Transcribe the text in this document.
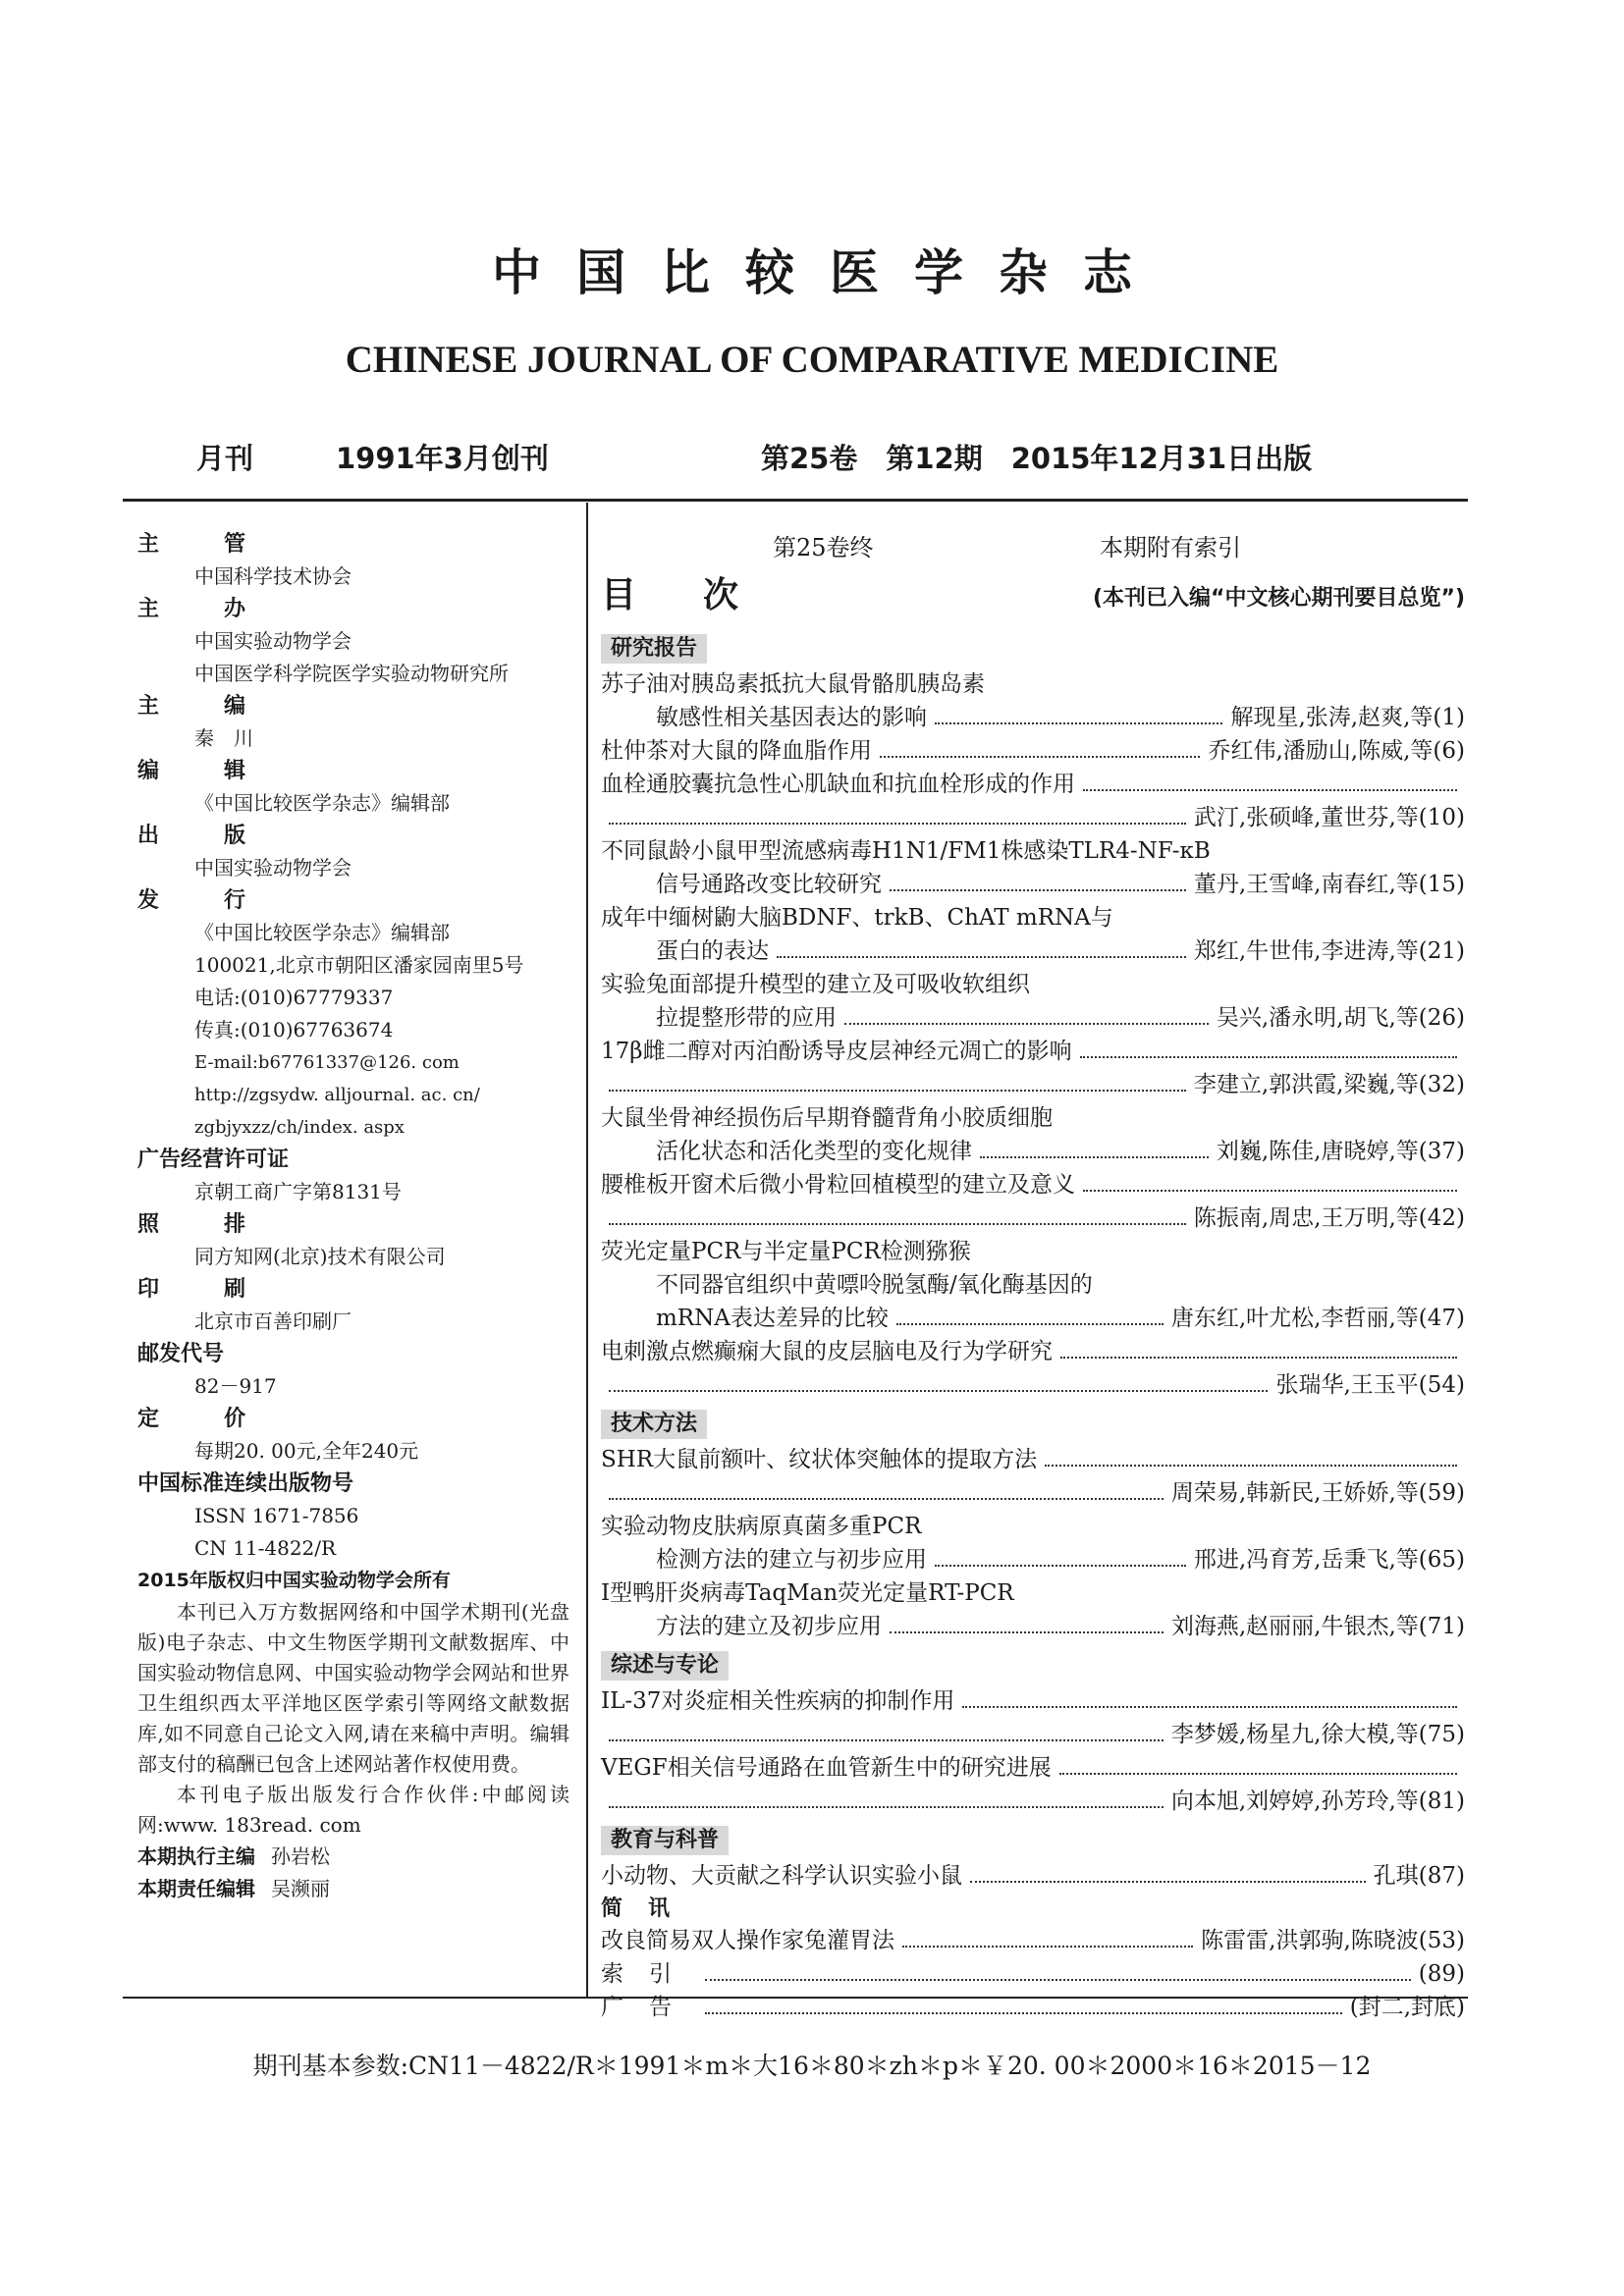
中国比较医学杂志
CHINESE JOURNAL OF COMPARATIVE MEDICINE
月刊	1991年3月创刊	第25卷　第12期　2015年12月31日出版
主　管
中国科学技术协会
主　办
中国实验动物学会
中国医学科学院医学实验动物研究所
主　编
秦　川
编　辑
《中国比较医学杂志》编辑部
出　版
中国实验动物学会
发　行
《中国比较医学杂志》编辑部
100021,北京市朝阳区潘家园南里5号
电话:(010)67779337
传真:(010)67763674
E-mail:b67761337@126. com
http://zgsydw. alljournal. ac. cn/
zgbjyxzz/ch/index. aspx
广告经营许可证
京朝工商广字第8131号
照　排
同方知网(北京)技术有限公司
印　刷
北京市百善印刷厂
邮发代号
82－917
定　价
每期20. 00元,全年240元
中国标准连续出版物号
ISSN 1671-7856
CN 11-4822/R
2015年版权归中国实验动物学会所有
本刊已入万方数据网络和中国学术期刊(光盘版)电子杂志、中文生物医学期刊文献数据库、中国实验动物信息网、中国实验动物学会网站和世界卫生组织西太平洋地区医学索引等网络文献数据库,如不同意自己论文入网,请在来稿中声明。编辑部支付的稿酬已包含上述网站著作权使用费。
本刊电子版出版发行合作伙伴:中邮阅读网:www. 183read. com
本期执行主编 孙岩松
本期责任编辑 吴濒丽
第25卷终	本期附有索引
目次	(本刊已入编“中文核心期刊要目总览”)
研究报告
苏子油对胰岛素抵抗大鼠骨骼肌胰岛素
敏感性相关基因表达的影响	解现星,张涛,赵爽,等(1)
杜仲茶对大鼠的降血脂作用	乔红伟,潘励山,陈威,等(6)
血栓通胶囊抗急性心肌缺血和抗血栓形成的作用
武汀,张硕峰,董世芬,等(10)
不同鼠龄小鼠甲型流感病毒H1N1/FM1株感染TLR4-NF-κB
信号通路改变比较研究	董丹,王雪峰,南春红,等(15)
成年中缅树鼩大脑BDNF、trkB、ChAT mRNA与
蛋白的表达	郑红,牛世伟,李进涛,等(21)
实验兔面部提升模型的建立及可吸收软组织
拉提整形带的应用	吴兴,潘永明,胡飞,等(26)
17β雌二醇对丙泊酚诱导皮层神经元凋亡的影响
李建立,郭洪霞,梁巍,等(32)
大鼠坐骨神经损伤后早期脊髓背角小胶质细胞
活化状态和活化类型的变化规律	刘巍,陈佳,唐晓婷,等(37)
腰椎板开窗术后微小骨粒回植模型的建立及意义
陈振南,周忠,王万明,等(42)
荧光定量PCR与半定量PCR检测猕猴
不同器官组织中黄嘌呤脱氢酶/氧化酶基因的
mRNA表达差异的比较	唐东红,叶尤松,李哲丽,等(47)
电刺激点燃癫痫大鼠的皮层脑电及行为学研究
张瑞华,王玉平(54)
技术方法
SHR大鼠前额叶、纹状体突触体的提取方法
周荣易,韩新民,王娇娇,等(59)
实验动物皮肤病原真菌多重PCR
检测方法的建立与初步应用	邢进,冯育芳,岳秉飞,等(65)
I型鸭肝炎病毒TaqMan荧光定量RT-PCR
方法的建立及初步应用	刘海燕,赵丽丽,牛银杰,等(71)
综述与专论
IL-37对炎症相关性疾病的抑制作用
李梦媛,杨星九,徐大模,等(75)
VEGF相关信号通路在血管新生中的研究进展
向本旭,刘婷婷,孙芳玲,等(81)
教育与科普
小动物、大贡献之科学认识实验小鼠	孔琪(87)
简讯
改良简易双人操作家兔灌胃法	陈雷雷,洪郭驹,陈晓波(53)
索引	(89)
广告	(封二,封底)
期刊基本参数:CN11－4822/R＊1991＊m＊大16＊80＊zh＊p＊￥20. 00＊2000＊16＊2015－12
